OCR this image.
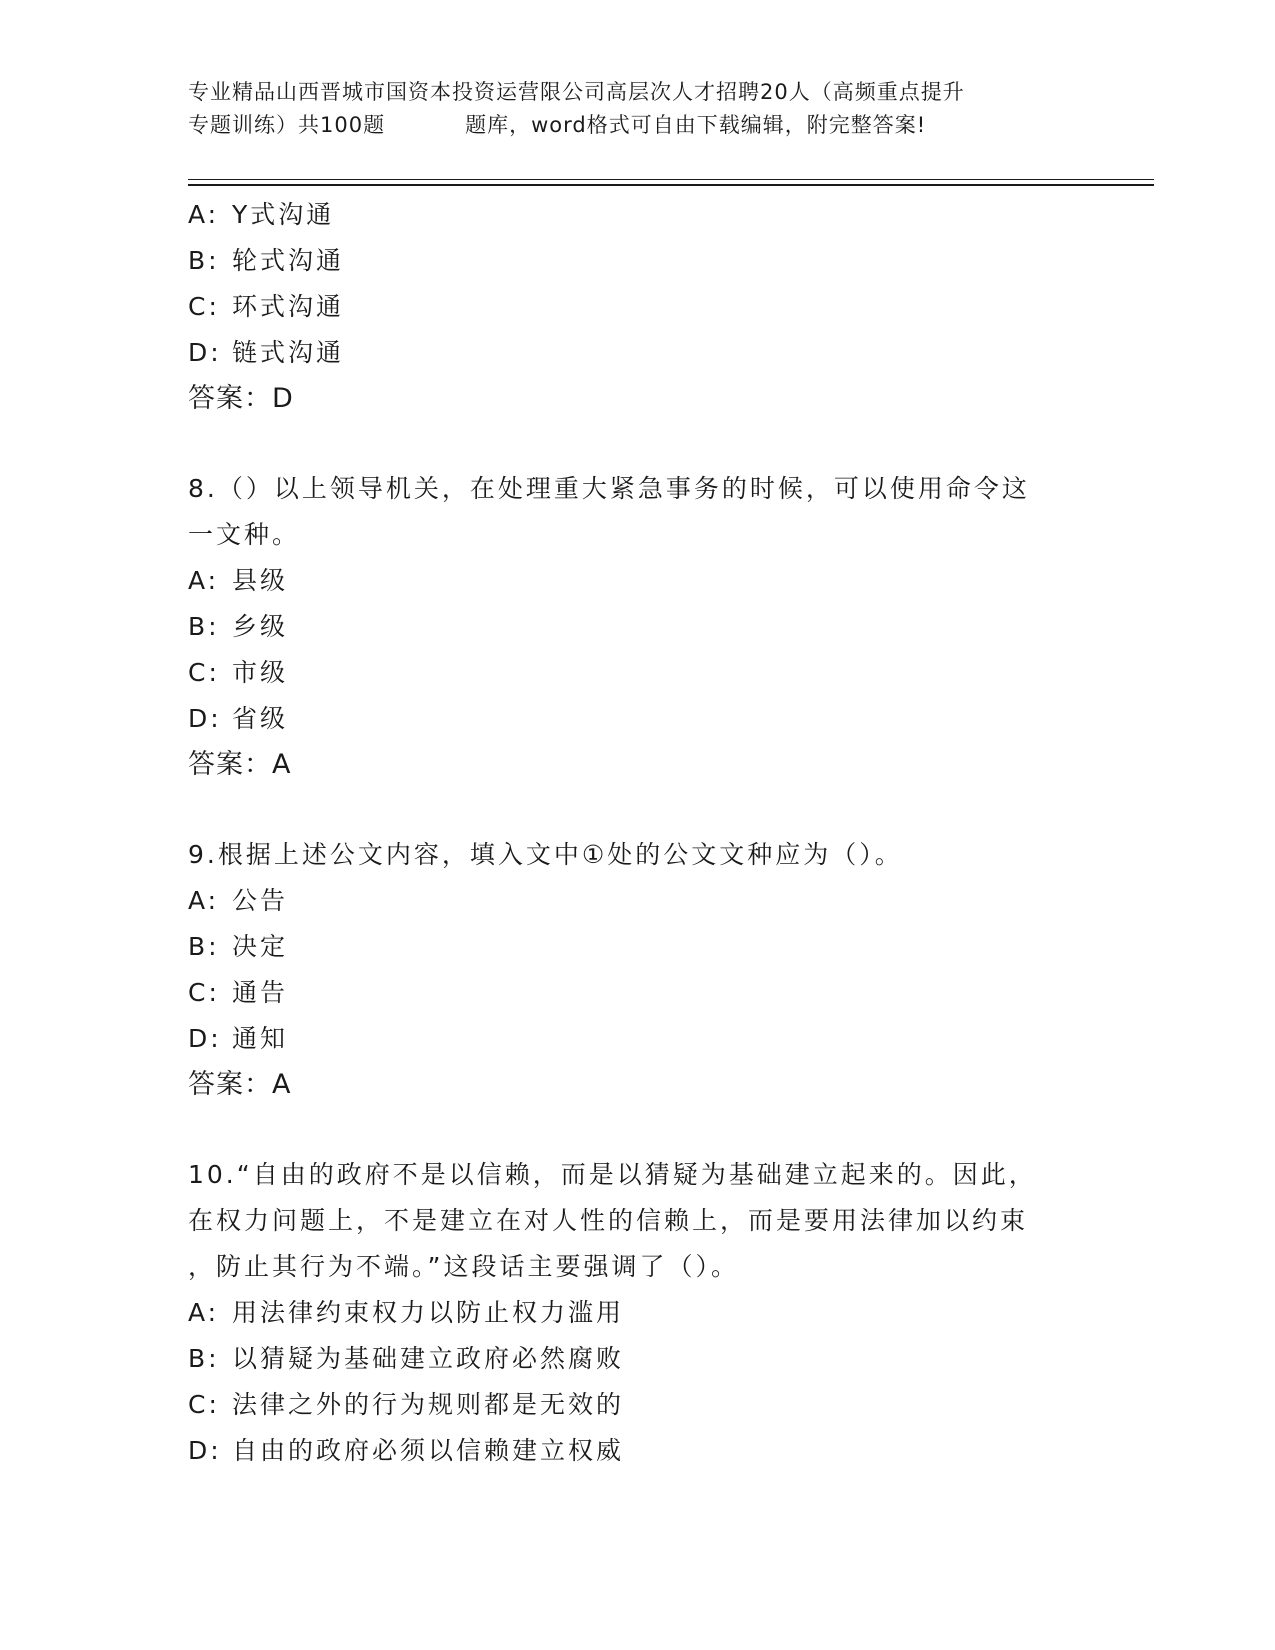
专业精品山西晋城市国资本投资运营限公司高层次人才招聘20人（高频重点提升
专题训练）共100题	题库，word格式可自由下载编辑，附完整答案!
A: Y式沟通
B: 轮式沟通
C: 环式沟通
D: 链式沟通
答案：D
8.（）以上领导机关，在处理重大紧急事务的时候，可以使用命令这
一文种。
A: 县级
B: 乡级
C: 市级
D: 省级
答案：A
9.根据上述公文内容，填入文中①处的公文文种应为（）。
A: 公告
B: 决定
C: 通告
D: 通知
答案：A
10.“自由的政府不是以信赖，而是以猜疑为基础建立起来的。因此，
在权力问题上，不是建立在对人性的信赖上，而是要用法律加以约束
，防止其行为不端。”这段话主要强调了（）。
A: 用法律约束权力以防止权力滥用
B: 以猜疑为基础建立政府必然腐败
C: 法律之外的行为规则都是无效的
D: 自由的政府必须以信赖建立权威
